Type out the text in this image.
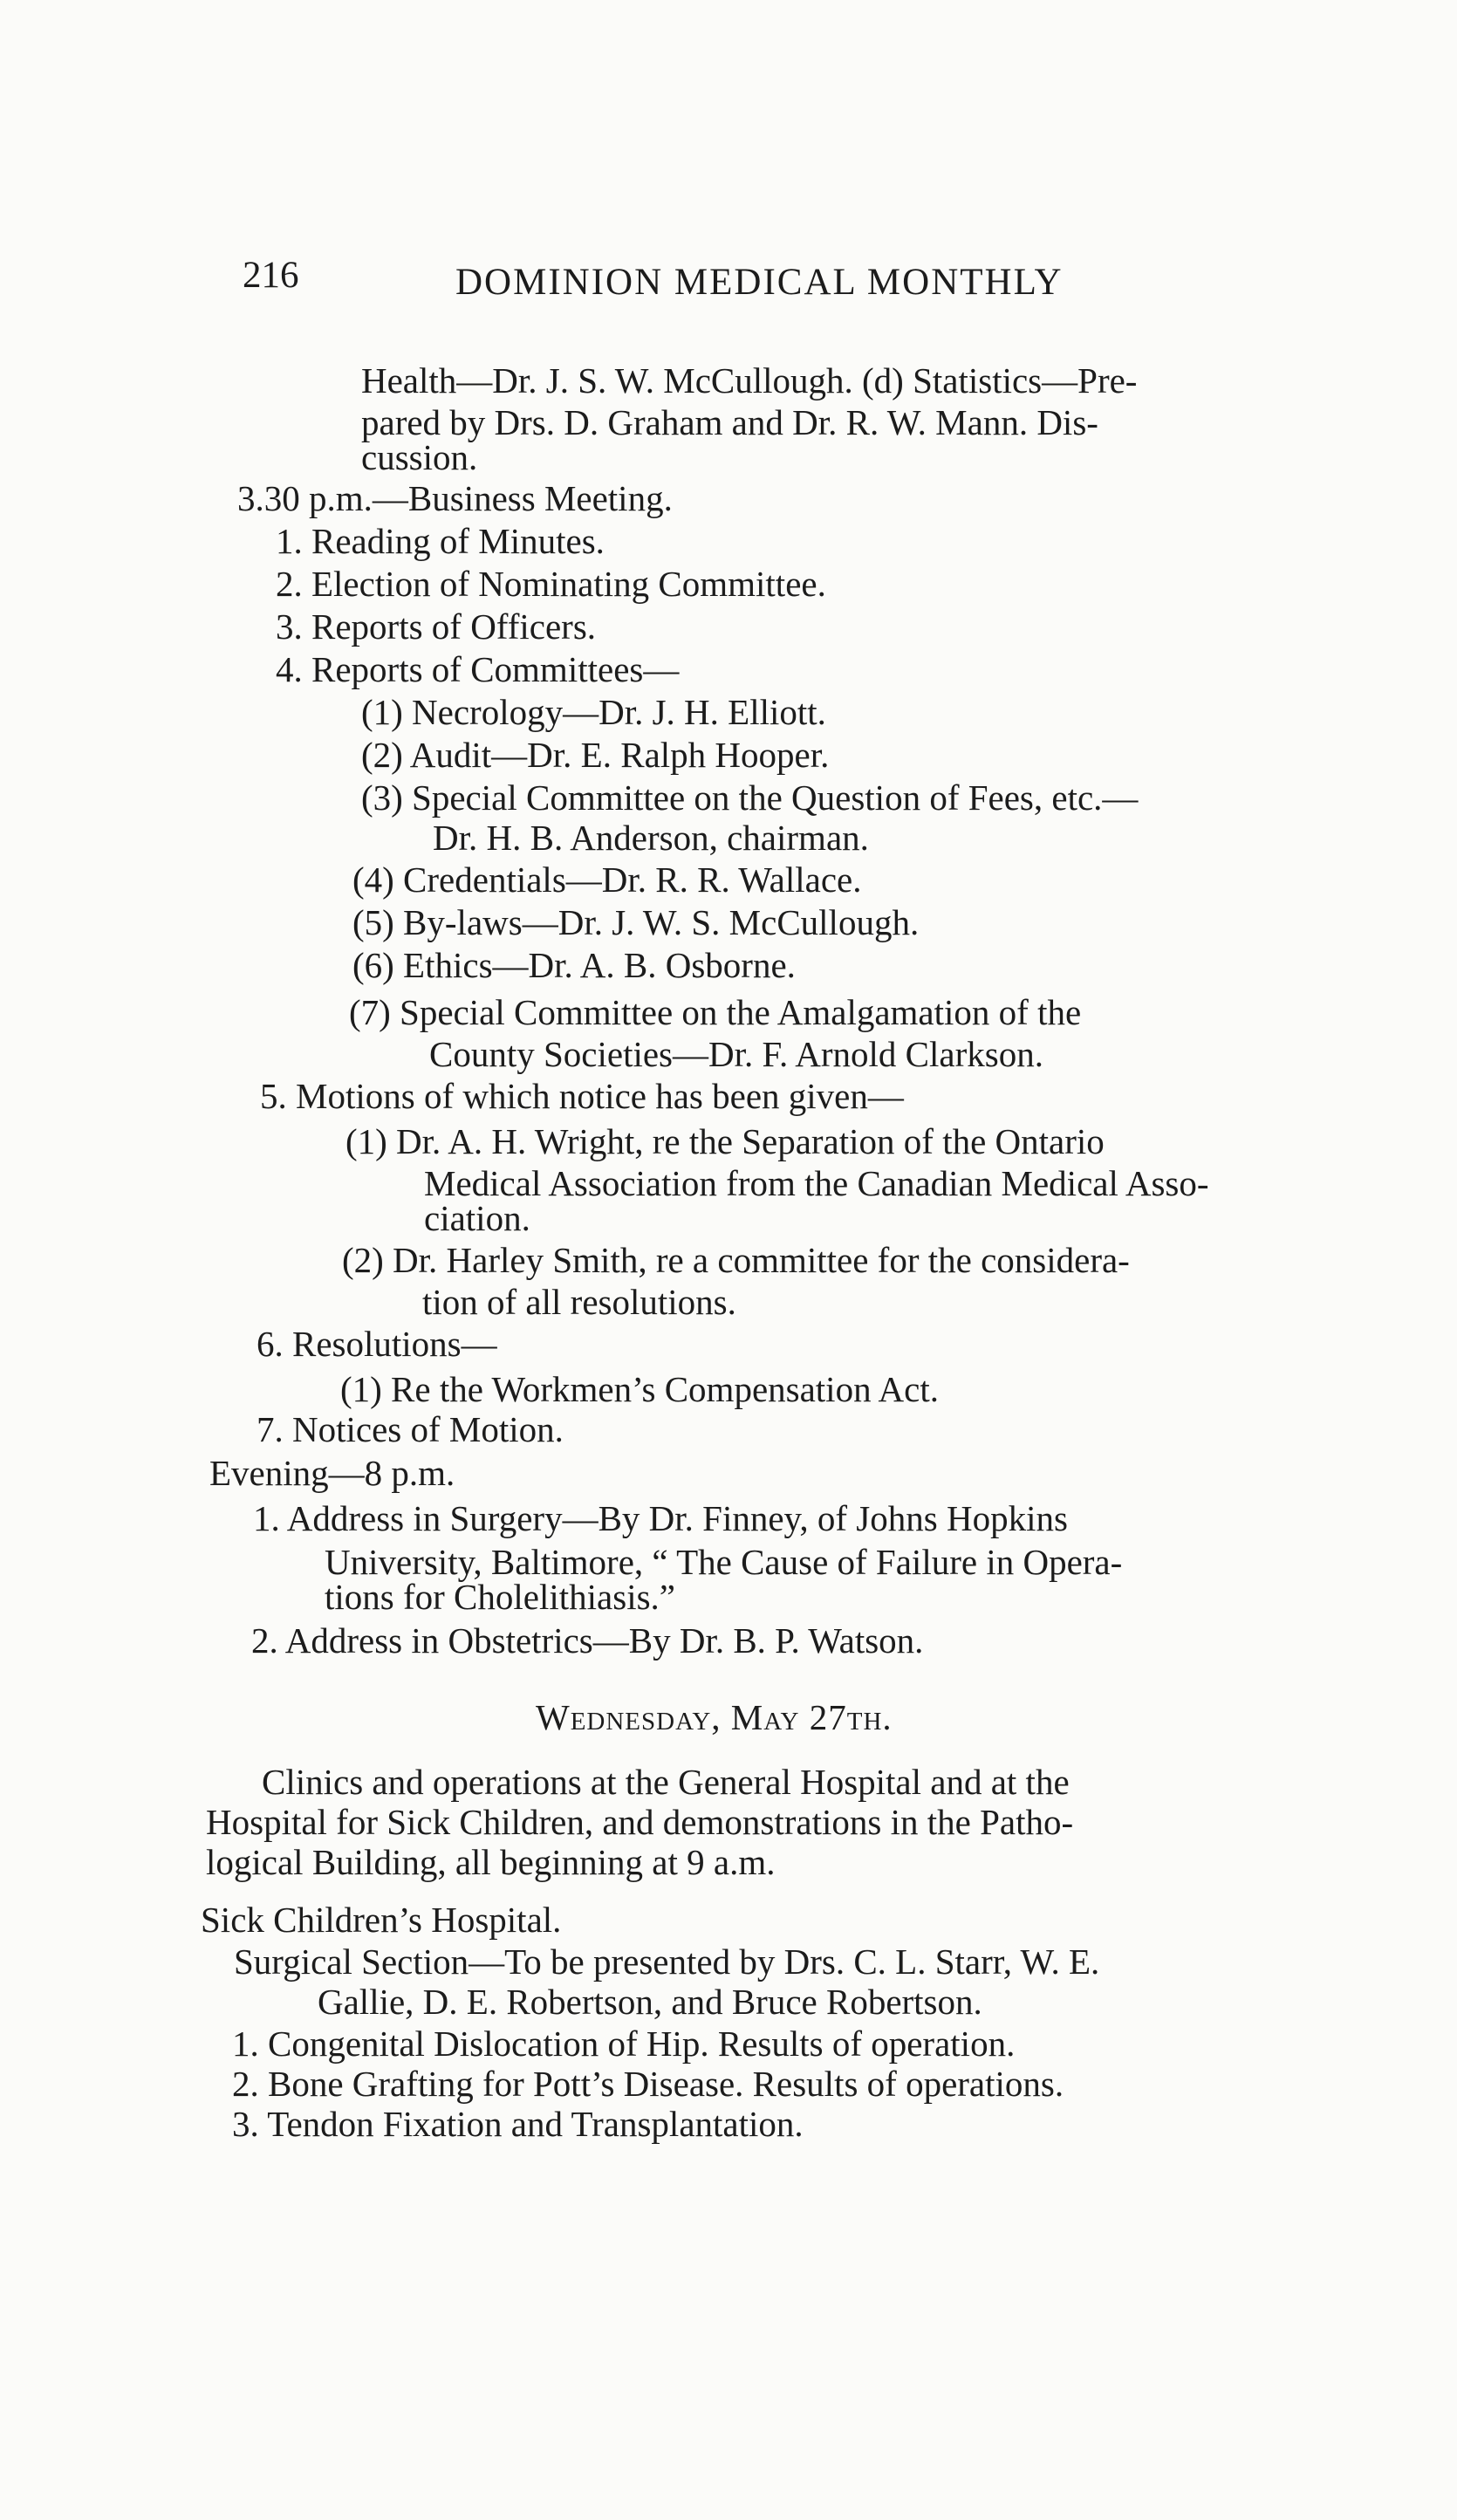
216	DOMINION MEDICAL MONTHLY
Health—Dr. J. S. W. McCullough. (d) Statistics—Pre-
pared by Drs. D. Graham and Dr. R. W. Mann. Dis-
cussion.
3.30 p.m.—Business Meeting.
1. Reading of Minutes.
2. Election of Nominating Committee.
3. Reports of Officers.
4. Reports of Committees—
(1) Necrology—Dr. J. H. Elliott.
(2) Audit—Dr. E. Ralph Hooper.
(3) Special Committee on the Question of Fees, etc.—
Dr. H. B. Anderson, chairman.
(4) Credentials—Dr. R. R. Wallace.
(5) By-laws—Dr. J. W. S. McCullough.
(6) Ethics—Dr. A. B. Osborne.
(7) Special Committee on the Amalgamation of the
County Societies—Dr. F. Arnold Clarkson.
5. Motions of which notice has been given—
(1) Dr. A. H. Wright, re the Separation of the Ontario
Medical Association from the Canadian Medical Asso-
ciation.
(2) Dr. Harley Smith, re a committee for the considera-
tion of all resolutions.
6. Resolutions—
(1) Re the Workmen’s Compensation Act.
7. Notices of Motion.
Evening—8 p.m.
1. Address in Surgery—By Dr. Finney, of Johns Hopkins
University, Baltimore, “ The Cause of Failure in Opera-
tions for Cholelithiasis.”
2. Address in Obstetrics—By Dr. B. P. Watson.
Wednesday, May 27th.
Clinics and operations at the General Hospital and at the
Hospital for Sick Children, and demonstrations in the Patho-
logical Building, all beginning at 9 a.m.
Sick Children’s Hospital.
Surgical Section—To be presented by Drs. C. L. Starr, W. E.
Gallie, D. E. Robertson, and Bruce Robertson.
1. Congenital Dislocation of Hip. Results of operation.
2. Bone Grafting for Pott’s Disease. Results of operations.
3. Tendon Fixation and Transplantation.
